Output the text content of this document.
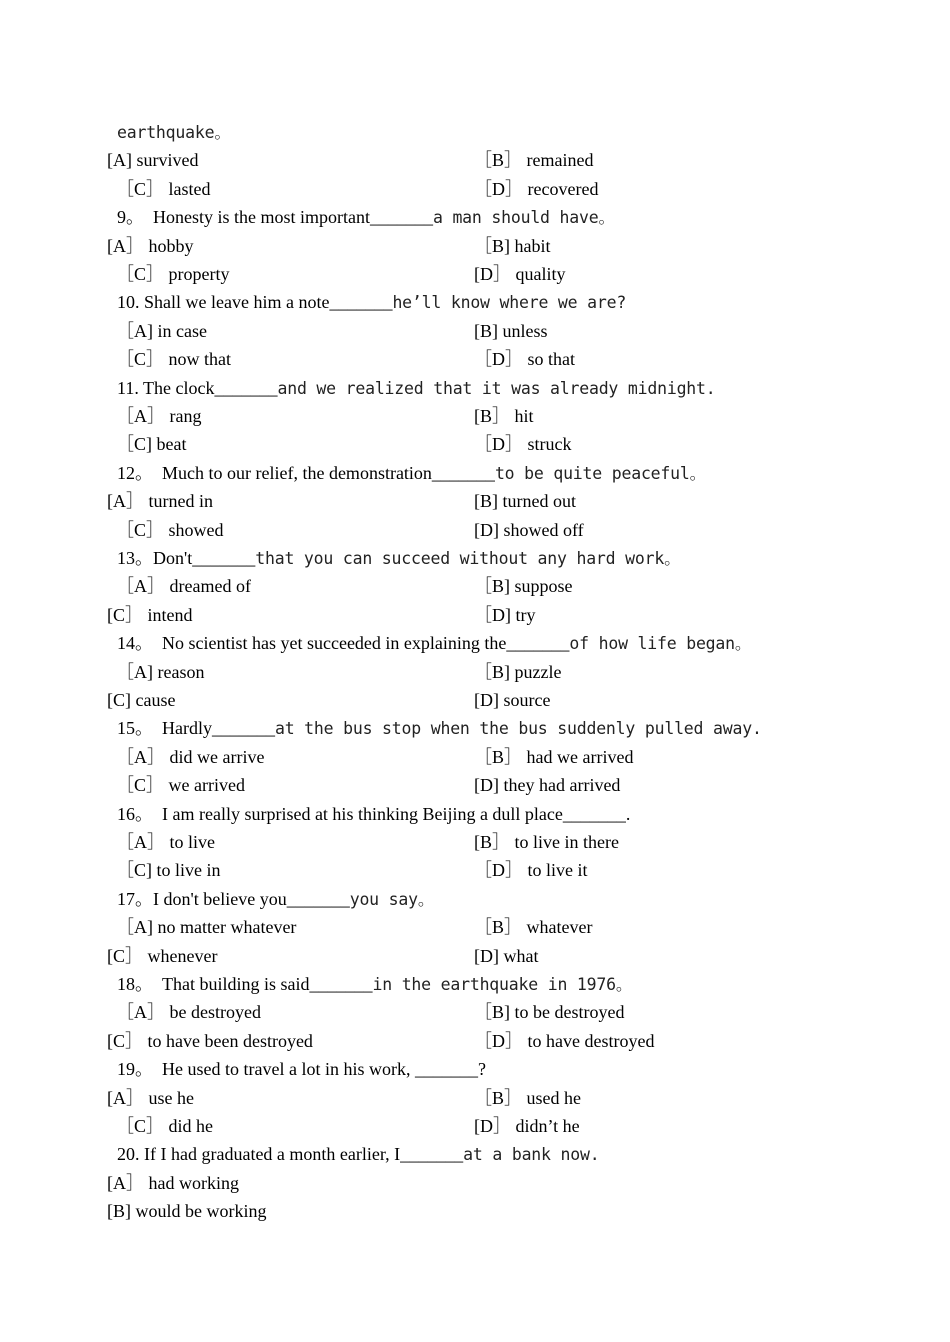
earthquake。
[A] survived	［B］ remained
［C］ lasted	［D］ recovered
9。  Honesty is the most important_______a man should have。
[A］ hobby	［B] habit
［C］ property	[D］ quality
10. Shall we leave him a note_______he’ll know where we are?
［A] in case	[B] unless
［C］ now that	［D］ so that
11. The clock_______and we realized that it was already midnight.
［A］ rang	[B］ hit
［C] beat	［D］ struck
12。  Much to our relief, the demonstration_______to be quite peaceful。
[A］ turned in	[B] turned out
［C］ showed	[D] showed off
13。Don't_______that you can succeed without any hard work。
［A］ dreamed of	［B] suppose
[C］ intend	［D] try
14。  No scientist has yet succeeded in explaining the_______of how life began。
［A] reason	［B] puzzle
[C] cause	[D] source
15。  Hardly_______at the bus stop when the bus suddenly pulled away.
［A］ did we arrive	［B］ had we arrived
［C］ we arrived	[D] they had arrived
16。  I am really surprised at his thinking Beijing a dull place_______.
［A］ to live	[B］ to live in there
［C] to live in	［D］ to live it
17。I don't believe you_______you say。
［A] no matter whatever	［B］ whatever
[C］ whenever	[D] what
18。  That building is said_______in the earthquake in 1976。
［A］ be destroyed	［B] to be destroyed
[C］ to have been destroyed	［D］ to have destroyed
19。  He used to travel a lot in his work, _______?
[A］ use he	［B］ used he
［C］ did he	[D］ didn’t he
20. If I had graduated a month earlier, I_______at a bank now.
[A］ had working
[B] would be working
